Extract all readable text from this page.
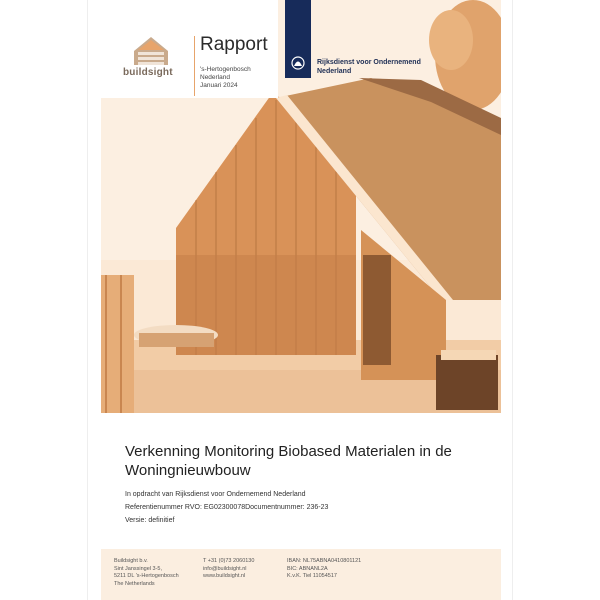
buildsight
Rapport
's-Hertogenbosch
Nederland
Januari 2024
Rijksdienst voor Ondernemend
Nederland
Verkenning Monitoring Biobased Materialen in de Woningnieuwbouw
In opdracht van Rijksdienst voor Ondernemend Nederland
Referentienummer RVO: EG02300078Documentnummer: 236-23
Versie: definitief
Buildsight b.v.
Sint Janssingel 3-5,
5211 DL 's-Hertogenbosch
The Netherlands
T +31 (0)73 2060130
info@buildsight.nl
www.buildsight.nl
IBAN: NL75ABNA0410801121
BIC: ABNANL2A
K.v.K. Tiel 11054517
